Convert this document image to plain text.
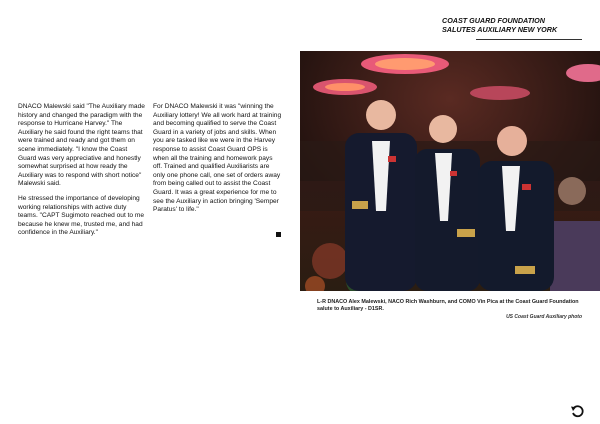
COAST GUARD FOUNDATION
SALUTES AUXILIARY NEW YORK

DNACO Malewski said "The Auxiliary made history and changed the paradigm with the response to Hurricane Harvey." The Auxiliary he said found the right teams that were trained and ready and got them on scene immediately. "I know the Coast Guard was very appreciative and honestly somewhat surprised at how ready the Auxiliary was to respond with short notice" Malewski said.

He stressed the importance of developing working relationships with active duty teams. "CAPT Sugimoto reached out to me because he knew me, trusted me, and had confidence in the Auxiliary."

For DNACO Malewski it was "winning the Auxiliary lottery! We all work hard at training and becoming qualified to serve the Coast Guard in a variety of jobs and skills. When you are tasked like we were in the Harvey response to assist Coast Guard OPS is when all the training and homework pays off. Trained and qualified Auxiliarists are only one phone call, one set of orders away from being called out to assist the Coast Guard. It was a great experience for me to see the Auxiliary in action bringing 'Semper Paratus' to life."

L-R DNACO Alex Malewski, NACO Rich Washburn, and COMO Vin Pica at the Coast Guard Foundation salute to Auxiliary - D1SR.
US Coast Guard Auxiliary photo
